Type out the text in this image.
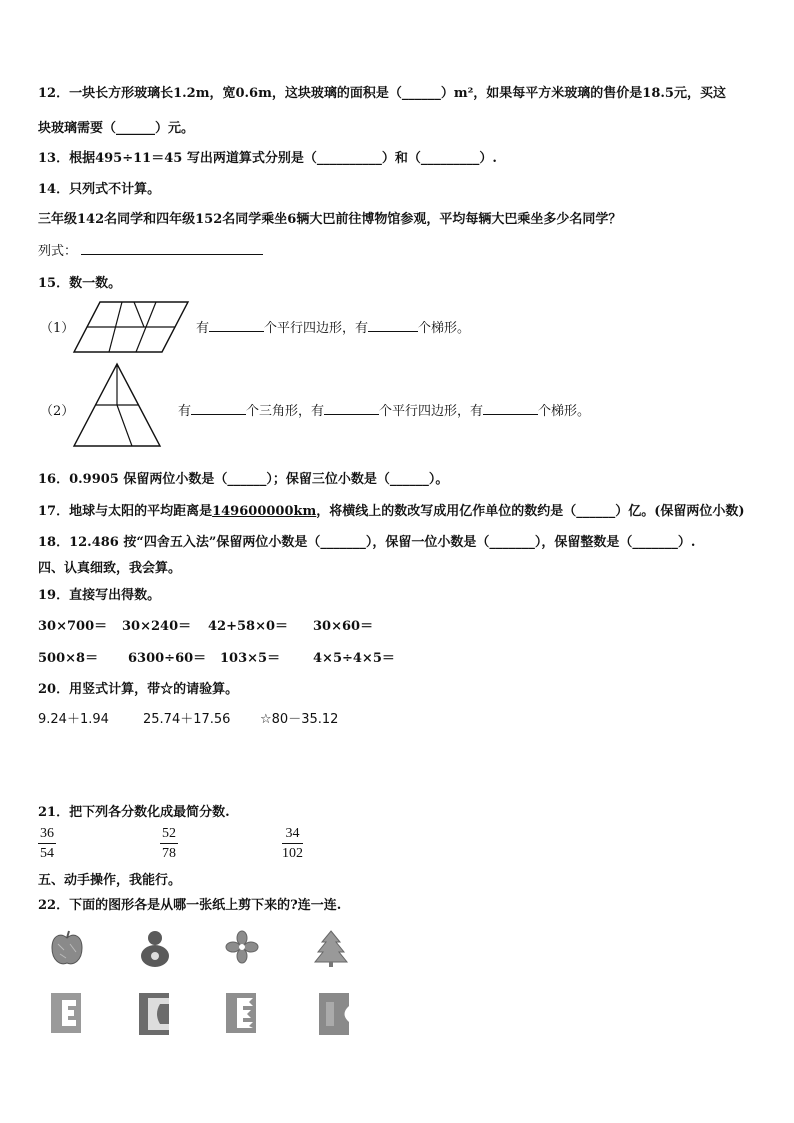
12．一块长方形玻璃长1.2m，宽0.6m，这块玻璃的面积是（______）m²，如果每平方米玻璃的售价是18.5元，买这
块玻璃需要（______）元。
13．根据495÷11＝45 写出两道算式分别是（__________）和（_________）.
14．只列式不计算。
三年级142名同学和四年级152名同学乘坐6辆大巴前往博物馆参观，平均每辆大巴乘坐多少名同学？
列式：
15．数一数。
（1）	有	个平行四边形，有	个梯形。
（2）	有	个三角形，有	个平行四边形，有	个梯形。
16．0.9905 保留两位小数是（______）；保留三位小数是（______）。
17．地球与太阳的平均距离是149600000km，将横线上的数改写成用亿作单位的数约是（______）亿。(保留两位小数)
18．12.486 按“四舍五入法”保留两位小数是（_______），保留一位小数是（_______），保留整数是（_______）.
四、认真细致，我会算。
19．直接写出得数。
30×700＝ 30×240＝ 42+58×0＝ 30×60＝
500×8＝ 6300÷60＝ 103×5＝	4×5÷4×5＝
20．用竖式计算，带☆的请验算。
9.24＋1.94	25.74＋17.56 ☆80－35.12
21．把下列各分数化成最简分数.
$\frac{36}{54}$	$\frac{52}{78}$	$\frac{34}{102}$
五、动手操作，我能行。
22．下面的图形各是从哪一张纸上剪下来的?连一连.
